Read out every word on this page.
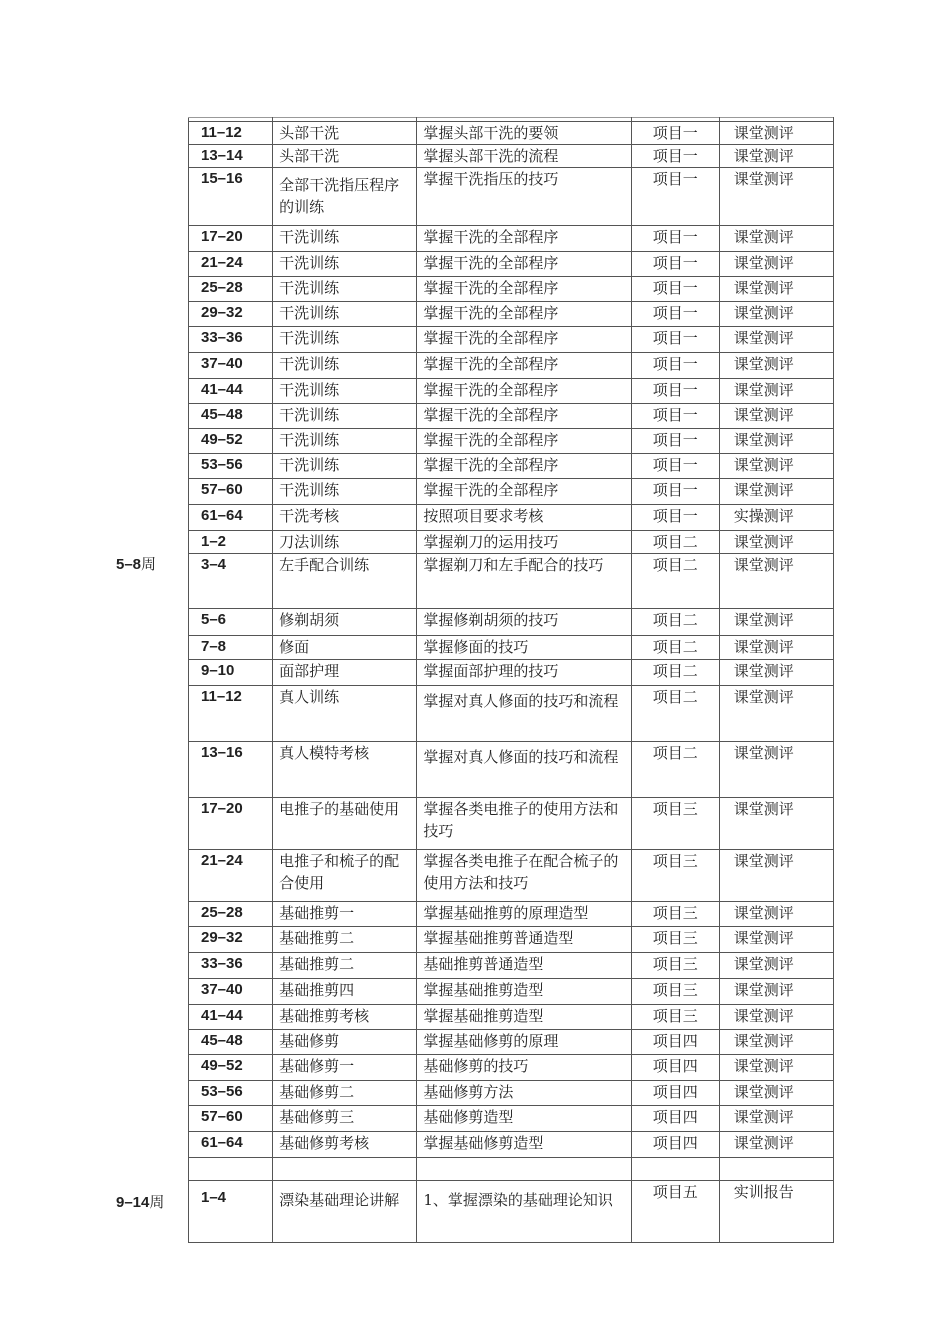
5–8周
9–14周

11–12	头部干洗	掌握头部干洗的要领	项目一	课堂测评
13–14	头部干洗	掌握头部干洗的流程	项目一	课堂测评
15–16	全部干洗指压程序的训练	掌握干洗指压的技巧	项目一	课堂测评
17–20	干洗训练	掌握干洗的全部程序	项目一	课堂测评
21–24	干洗训练	掌握干洗的全部程序	项目一	课堂测评
25–28	干洗训练	掌握干洗的全部程序	项目一	课堂测评
29–32	干洗训练	掌握干洗的全部程序	项目一	课堂测评
33–36	干洗训练	掌握干洗的全部程序	项目一	课堂测评
37–40	干洗训练	掌握干洗的全部程序	项目一	课堂测评
41–44	干洗训练	掌握干洗的全部程序	项目一	课堂测评
45–48	干洗训练	掌握干洗的全部程序	项目一	课堂测评
49–52	干洗训练	掌握干洗的全部程序	项目一	课堂测评
53–56	干洗训练	掌握干洗的全部程序	项目一	课堂测评
57–60	干洗训练	掌握干洗的全部程序	项目一	课堂测评
61–64	干洗考核	按照项目要求考核	项目一	实操测评
1–2	刀法训练	掌握剃刀的运用技巧	项目二	课堂测评
3–4	左手配合训练	掌握剃刀和左手配合的技巧	项目二	课堂测评
5–6	修剃胡须	掌握修剃胡须的技巧	项目二	课堂测评
7–8	修面	掌握修面的技巧	项目二	课堂测评
9–10	面部护理	掌握面部护理的技巧	项目二	课堂测评
11–12	真人训练	掌握对真人修面的技巧和流程	项目二	课堂测评
13–16	真人模特考核	掌握对真人修面的技巧和流程	项目二	课堂测评
17–20	电推子的基础使用	掌握各类电推子的使用方法和技巧	项目三	课堂测评
21–24	电推子和梳子的配合使用	掌握各类电推子在配合梳子的使用方法和技巧	项目三	课堂测评
25–28	基础推剪一	掌握基础推剪的原理造型	项目三	课堂测评
29–32	基础推剪二	掌握基础推剪普通造型	项目三	课堂测评
33–36	基础推剪二	基础推剪普通造型	项目三	课堂测评
37–40	基础推剪四	掌握基础推剪造型	项目三	课堂测评
41–44	基础推剪考核	掌握基础推剪造型	项目三	课堂测评
45–48	基础修剪	掌握基础修剪的原理	项目四	课堂测评
49–52	基础修剪一	基础修剪的技巧	项目四	课堂测评
53–56	基础修剪二	基础修剪方法	项目四	课堂测评
57–60	基础修剪三	基础修剪造型	项目四	课堂测评
61–64	基础修剪考核	掌握基础修剪造型	项目四	课堂测评

1–4	漂染基础理论讲解	1、掌握漂染的基础理论知识	项目五	实训报告
